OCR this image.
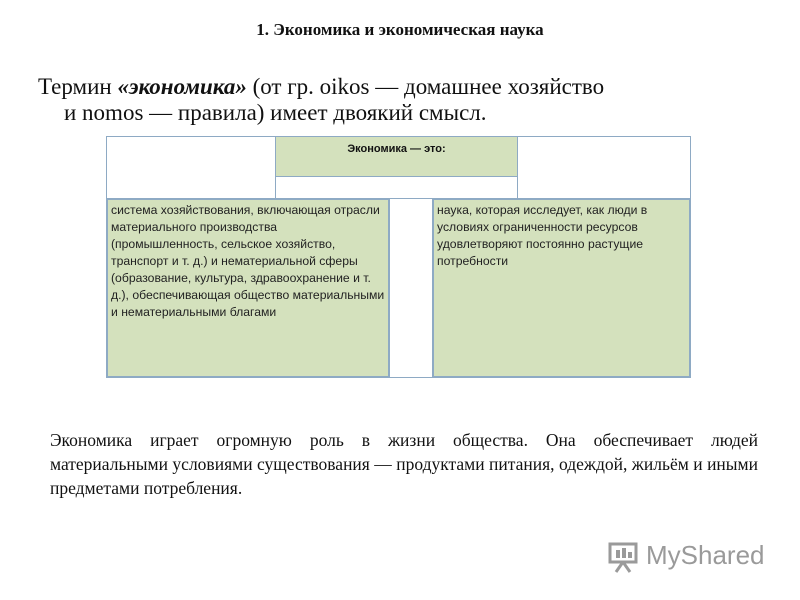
1. Экономика и экономическая наука
Термин «экономика» (от гр. oikos — домашнее хозяйство
и nomos — правила) имеет двоякий смысл.
Экономика — это:
система хозяйствования, включающая отрасли материального производства (промышленность, сельское хозяйство, транспорт и т. д.) и нематериальной сферы (образование, культура, здравоохранение и т. д.), обеспечивающая общество материальными и нематериальными благами
наука, которая исследует, как люди в условиях ограниченности ресурсов удовлетворяют постоянно растущие потребности
Экономика играет огромную роль в жизни общества. Она обеспечивает людей материальными условиями существования — продуктами питания, одеждой, жильём и иными предметами потребления.
MyShared
